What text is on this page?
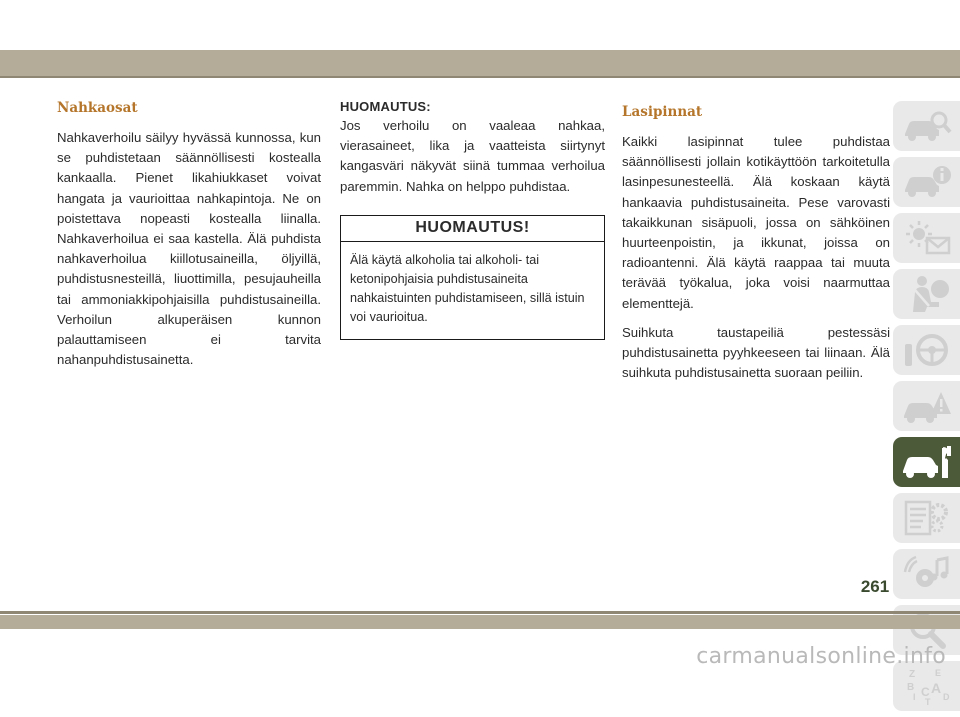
Nahkaosat

Nahkaverhoilu säilyy hyvässä kunnossa, kun se puhdistetaan säännöllisesti kostealla kankaalla. Pienet likahiukkaset voivat hangata ja vaurioittaa nahkapintoja. Ne on poistettava nopeasti kostealla liinalla. Nahkaverhoilua ei saa kastella. Älä puhdista nahkaverhoilua kiillotusaineilla, öljyillä, puhdistusnesteillä, liuottimilla, pesujauheilla tai ammoniakkipohjaisilla puhdistusaineilla. Verhoilun alkuperäisen kunnon palauttamiseen ei tarvita nahanpuhdistusainetta.

HUOMAUTUS:

Jos verhoilu on vaaleaa nahkaa, vierasaineet, lika ja vaatteista siirtynyt kangasväri näkyvät siinä tummaa verhoilua paremmin. Nahka on helppo puhdistaa.

HUOMAUTUS!
Älä käytä alkoholia tai alkoholi- tai ketonipohjaisia puhdistusaineita nahkaistuinten puhdistamiseen, sillä istuin voi vaurioitua.
Lasipinnat

Kaikki lasipinnat tulee puhdistaa säännöllisesti jollain kotikäyttöön tarkoitetulla lasinpesunesteellä. Älä koskaan käytä hankaavia puhdistusaineita. Pese varovasti takaikkunan sisäpuoli, jossa on sähköinen huurteenpoistin, ja ikkunat, joissa on radioantenni. Älä käytä raappaa tai muuta terävää työkalua, joka voisi naarmuttaa elementtejä.

Suihkuta taustapeiliä pestessäsi puhdistusainetta pyyhkeeseen tai liinaan. Älä suihkuta puhdistusainetta suoraan peiliin.

Z E
B A
I C D
T
261
carmanualsonline.info
